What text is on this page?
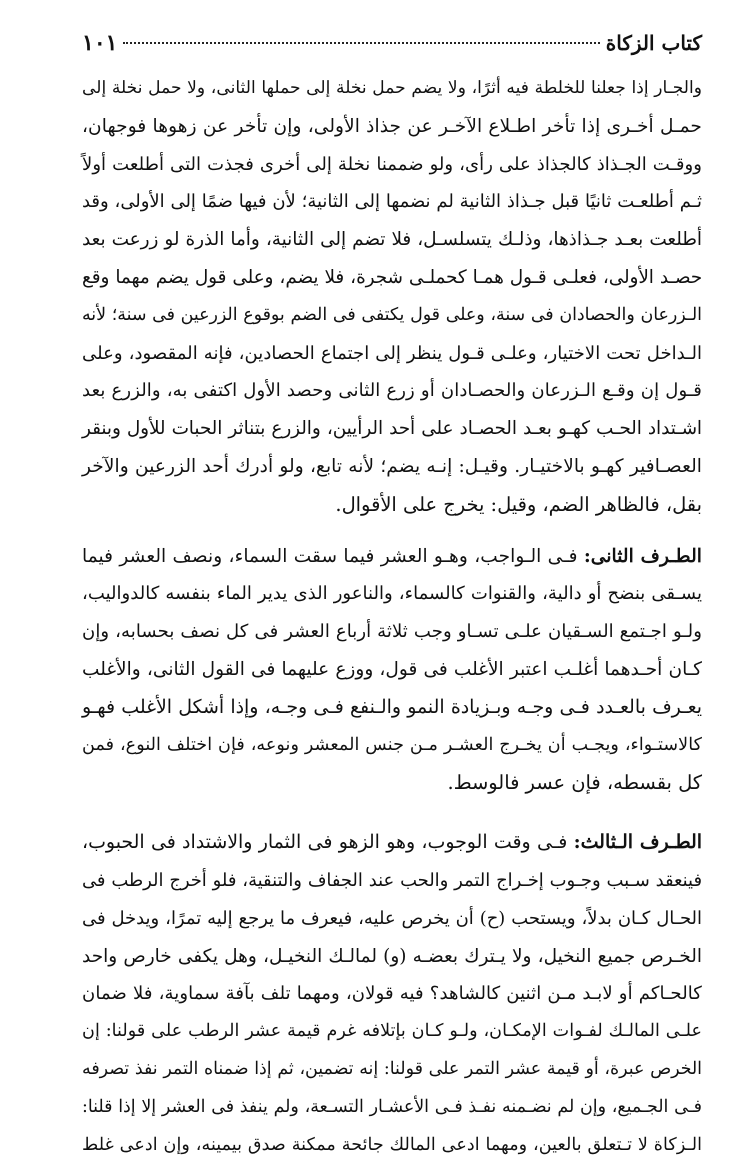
كتاب الزكاة
١٠١
والجـار إذا جعلنا للخلطة فيه أثرًا، ولا يضم حمل نخلة إلى حملها الثانى، ولا حمل نخلة إلى
حمـل أخـرى إذا تأخر اطـلاع الآخـر عن جذاذ الأولى، وإن تأخر عن زهوها فوجهان،
ووقـت الجـذاذ كالجذاذ على رأى، ولو ضممنا نخلة إلى أخرى فجذت التى أطلعت أولاً
ثـم أطلعـت ثانيًا قبل جـذاذ الثانية لم نضمها إلى الثانية؛ لأن فيها ضمًا إلى الأولى، وقد
أطلعت بعـد جـذاذها، وذلـك يتسلسـل، فلا تضم إلى الثانية، وأما الذرة لو زرعت بعد
حصـد الأولى، فعلـى قـول همـا كحملـى شجرة، فلا يضم، وعلى قول يضم مهما وقع
الـزرعان والحصادان فى سنة، وعلى قول يكتفى فى الضم بوقوع الزرعين فى سنة؛ لأنه
الـداخل تحت الاختيار، وعلـى قـول ينظر إلى اجتماع الحصادين، فإنه المقصود، وعلى
قـول إن وقـع الـزرعان والحصـادان أو زرع الثانى وحصد الأول اكتفى به، والزرع بعد
اشـتداد الحـب كهـو بعـد الحصـاد على أحد الرأيين، والزرع بتناثر الحبات للأول وبنقر
العصـافير كهـو بالاختيـار. وقيـل: إنـه يضم؛ لأنه تابع، ولو أدرك أحد الزرعين والآخر
بقل، فالظاهر الضم، وقيل: يخرج على الأقوال.
الطـرف الثانى: فـى الـواجب، وهـو العشر فيما سقت السماء، ونصف العشر فيما
يسـقى بنضح أو دالية، والقنوات كالسماء، والناعور الذى يدير الماء بنفسه كالدواليب،
ولـو اجـتمع السـقيان علـى تسـاو وجب ثلاثة أرباع العشر فى كل نصف بحسابه، وإن
كـان أحـدهما أغلـب اعتبر الأغلب فى قول، ووزع عليهما فى القول الثانى، والأغلب
يعـرف بالعـدد فـى وجـه وبـزيادة النمو والـنفع فـى وجـه، وإذا أشكل الأغلب فهـو
كالاستـواء، ويجـب أن يخـرج العشـر مـن جنس المعشر ونوعه، فإن اختلف النوع، فمن
كل بقسطه، فإن عسر فالوسط.
الطـرف الـثالث: فـى وقت الوجوب، وهو الزهو فى الثمار والاشتداد فى الحبوب،
فينعقد سـبب وجـوب إخـراج التمر والحب عند الجفاف والتنقية، فلو أخرج الرطب فى
الحـال كـان بدلاً، ويستحب (ح) أن يخرص عليه، فيعرف ما يرجع إليه تمرًا، ويدخل فى
الخـرص جميع النخيل، ولا يـترك بعضـه (و) لمالـك النخيـل، وهل يكفى خارص واحد
كالحـاكم أو لابـد مـن اثنين كالشاهد؟ فيه قولان، ومهما تلف بآفة سماوية، فلا ضمان
علـى المالـك لفـوات الإمكـان، ولـو كـان بإتلافه غرم قيمة عشر الرطب على قولنا: إن
الخرص عبرة، أو قيمة عشر التمر على قولنا: إنه تضمين، ثم إذا ضمناه التمر نفذ تصرفه
فـى الجـميع، وإن لم نضـمنه نفـذ فـى الأعشـار التسـعة، ولم ينفذ فى العشر إلا إذا قلنا:
الـزكاة لا تـتعلق بالعين، ومهما ادعى المالك جائحة ممكنة صدق بيمينه، وإن ادعى غلط
